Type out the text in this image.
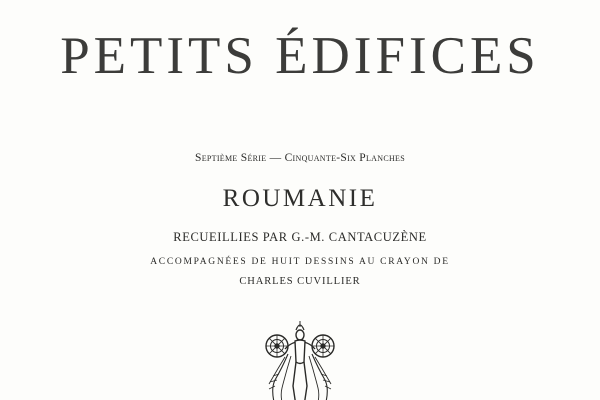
PETITS ÉDIFICES
Septième Série — Cinquante-Six Planches
ROUMANIE
RECUEILLIES PAR G.-M. CANTACUZÈNE
ACCOMPAGNÉES DE HUIT DESSINS AU CRAYON DE
CHARLES CUVILLIER
